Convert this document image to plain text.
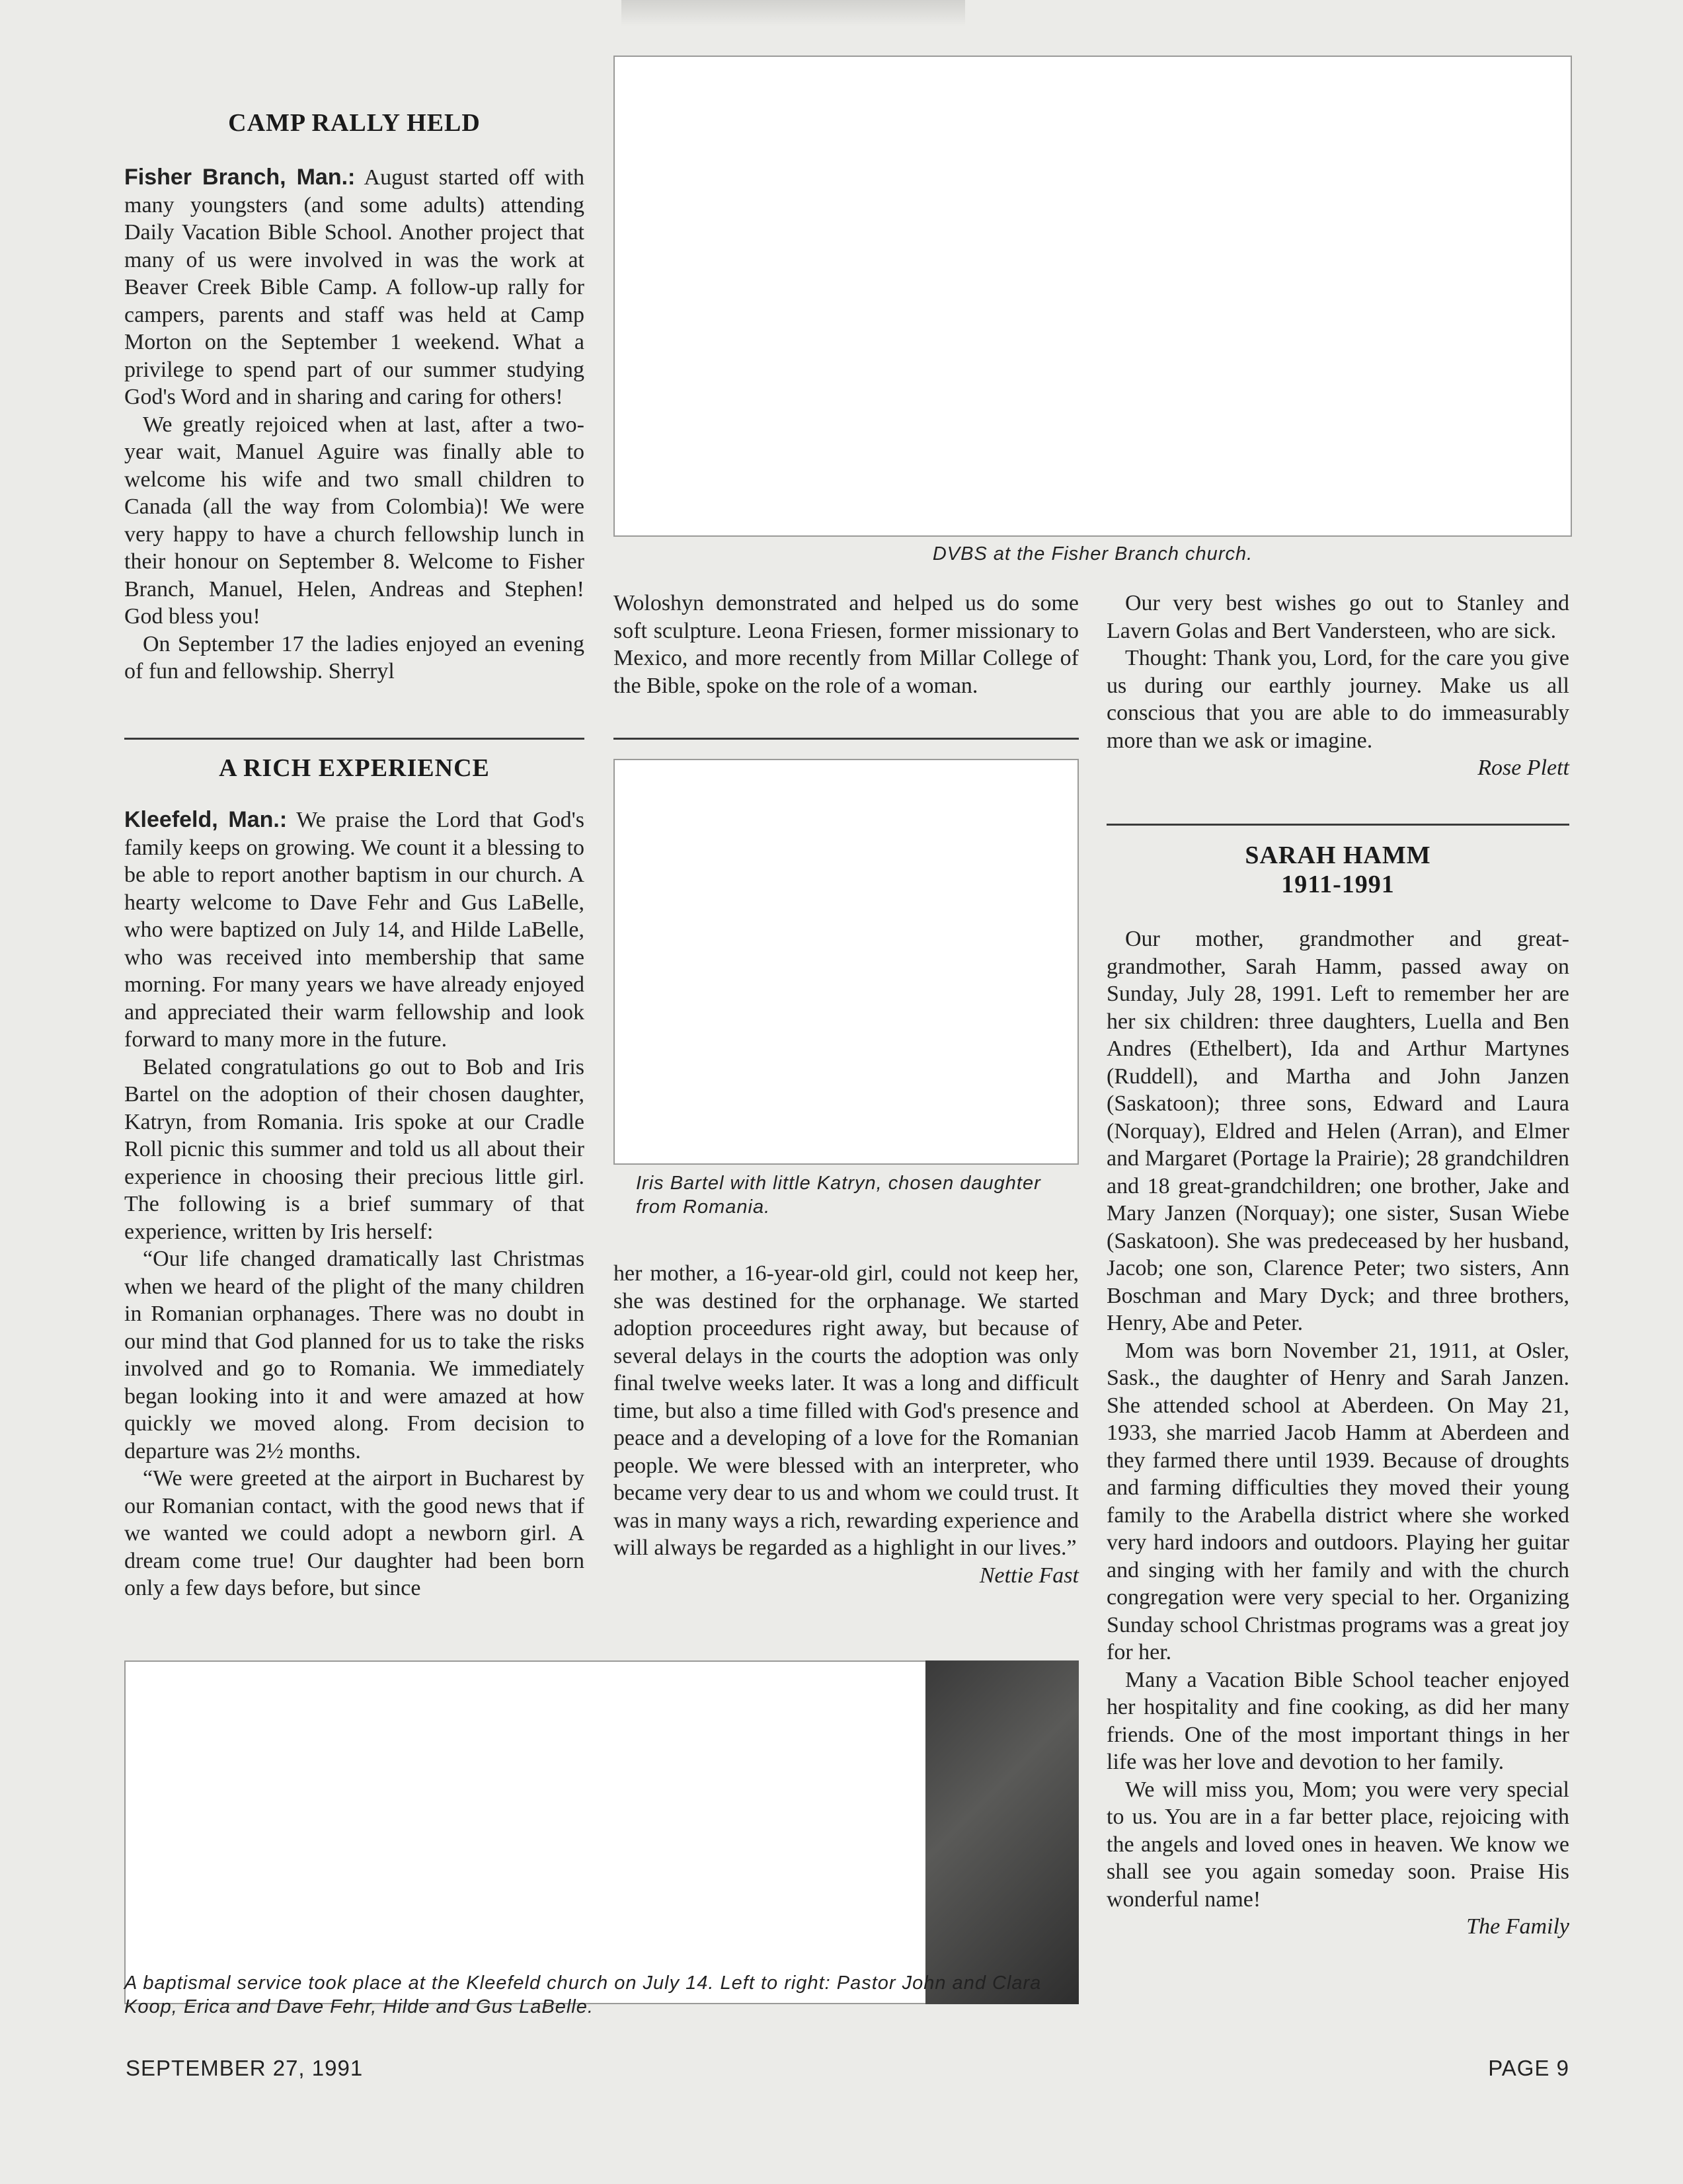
CAMP RALLY HELD

Fisher Branch, Man.: August started off with many youngsters (and some adults) attending Daily Vacation Bible School. Another project that many of us were involved in was the work at Beaver Creek Bible Camp. A follow-up rally for campers, parents and staff was held at Camp Morton on the September 1 weekend. What a privilege to spend part of our summer studying God's Word and in sharing and caring for others!

We greatly rejoiced when at last, after a two-year wait, Manuel Aguire was finally able to welcome his wife and two small children to Canada (all the way from Colombia)! We were very happy to have a church fellowship lunch in their honour on September 8. Welcome to Fisher Branch, Manuel, Helen, Andreas and Stephen! God bless you!

On September 17 the ladies enjoyed an evening of fun and fellowship. Sherryl

A RICH EXPERIENCE

Kleefeld, Man.: We praise the Lord that God's family keeps on growing. We count it a blessing to be able to report another baptism in our church. A hearty welcome to Dave Fehr and Gus LaBelle, who were baptized on July 14, and Hilde LaBelle, who was received into membership that same morning. For many years we have already enjoyed and appreciated their warm fellowship and look forward to many more in the future.

Belated congratulations go out to Bob and Iris Bartel on the adoption of their chosen daughter, Katryn, from Romania. Iris spoke at our Cradle Roll picnic this summer and told us all about their experience in choosing their precious little girl. The following is a brief summary of that experience, written by Iris herself:

“Our life changed dramatically last Christmas when we heard of the plight of the many children in Romanian orphanages. There was no doubt in our mind that God planned for us to take the risks involved and go to Romania. We immediately began looking into it and were amazed at how quickly we moved along. From decision to departure was 2½ months.

“We were greeted at the airport in Bucharest by our Romanian contact, with the good news that if we wanted we could adopt a newborn girl. A dream come true! Our daughter had been born only a few days before, but since

DVBS at the Fisher Branch church.

Woloshyn demonstrated and helped us do some soft sculpture. Leona Friesen, former missionary to Mexico, and more recently from Millar College of the Bible, spoke on the role of a woman.

Iris Bartel with little Katryn, chosen daughter from Romania.

her mother, a 16-year-old girl, could not keep her, she was destined for the orphanage. We started adoption proceedures right away, but because of several delays in the courts the adoption was only final twelve weeks later. It was a long and difficult time, but also a time filled with God's presence and peace and a developing of a love for the Romanian people. We were blessed with an interpreter, who became very dear to us and whom we could trust. It was in many ways a rich, rewarding experience and will always be regarded as a highlight in our lives.”

Nettie Fast

A baptismal service took place at the Kleefeld church on July 14. Left to right: Pastor John and Clara Koop, Erica and Dave Fehr, Hilde and Gus LaBelle.

Our very best wishes go out to Stanley and Lavern Golas and Bert Vandersteen, who are sick.

Thought: Thank you, Lord, for the care you give us during our earthly journey. Make us all conscious that you are able to do immeasurably more than we ask or imagine.

Rose Plett

SARAH HAMM
1911-1991

Our mother, grandmother and great-grandmother, Sarah Hamm, passed away on Sunday, July 28, 1991. Left to remember her are her six children: three daughters, Luella and Ben Andres (Ethelbert), Ida and Arthur Martynes (Ruddell), and Martha and John Janzen (Saskatoon); three sons, Edward and Laura (Norquay), Eldred and Helen (Arran), and Elmer and Margaret (Portage la Prairie); 28 grandchildren and 18 great-grandchildren; one brother, Jake and Mary Janzen (Norquay); one sister, Susan Wiebe (Saskatoon). She was predeceased by her husband, Jacob; one son, Clarence Peter; two sisters, Ann Boschman and Mary Dyck; and three brothers, Henry, Abe and Peter.

Mom was born November 21, 1911, at Osler, Sask., the daughter of Henry and Sarah Janzen. She attended school at Aberdeen. On May 21, 1933, she married Jacob Hamm at Aberdeen and they farmed there until 1939. Because of droughts and farming difficulties they moved their young family to the Arabella district where she worked very hard indoors and outdoors. Playing her guitar and singing with her family and with the church congregation were very special to her. Organizing Sunday school Christmas programs was a great joy for her.

Many a Vacation Bible School teacher enjoyed her hospitality and fine cooking, as did her many friends. One of the most important things in her life was her love and devotion to her family.

We will miss you, Mom; you were very special to us. You are in a far better place, rejoicing with the angels and loved ones in heaven. We know we shall see you again someday soon. Praise His wonderful name!

The Family

SEPTEMBER 27, 1991	PAGE 9
